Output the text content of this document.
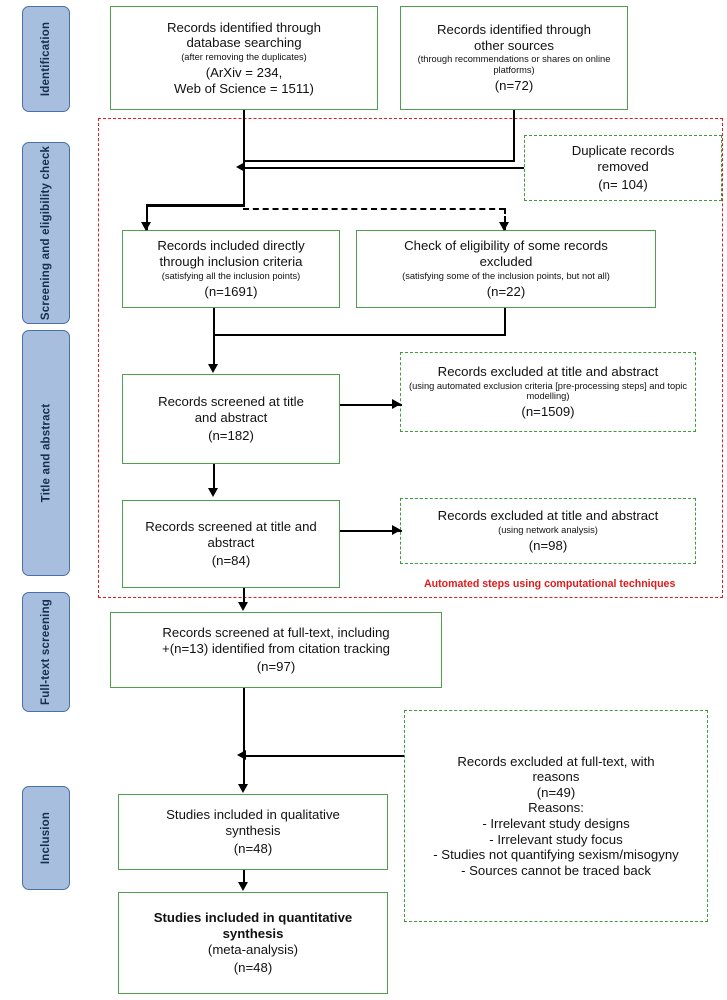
Identification
Screening and eligibility check
Title and abstract
Full-text screening
Inclusion
Automated steps using computational techniques
Records identified through
database searching
(after removing the duplicates)
(ArXiv = 234,
Web of Science = 1511)
Records identified through
other sources
(through recommendations or shares on online platforms)
(n=72)
Duplicate records
removed
(n= 104)
Records included directly
through inclusion criteria
(satisfying all the inclusion points)
(n=1691)
Check of eligibility of some records
excluded
(satisfying some of the inclusion points, but not all)
(n=22)
Records screened at title
and abstract
(n=182)
Records excluded at title and abstract
(using automated exclusion criteria [pre-processing steps] and topic modelling)
(n=1509)
Records screened at title and
abstract
(n=84)
Records excluded at title and abstract
(using network analysis)
(n=98)
Records screened at full-text, including
+(n=13) identified from citation tracking
(n=97)
Records excluded at full-text, with
reasons
(n=49)
Reasons:
- Irrelevant study designs
- Irrelevant study focus
- Studies not quantifying sexism/misogyny
- Sources cannot be traced back
Studies included in qualitative
synthesis
(n=48)
Studies included in quantitative
synthesis
(meta-analysis)
(n=48)
